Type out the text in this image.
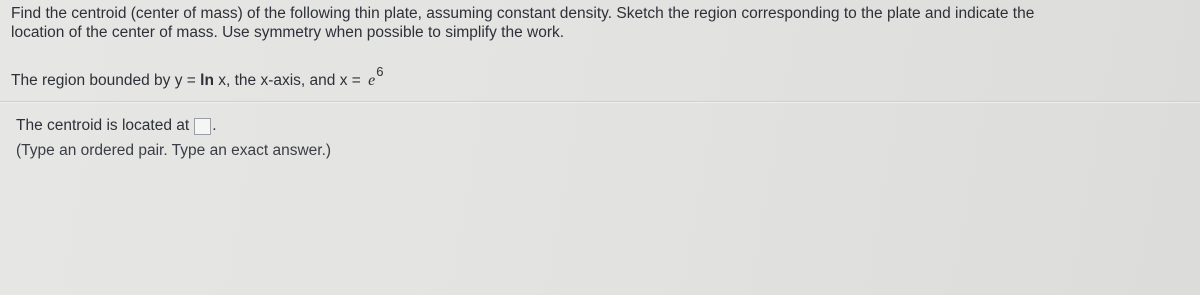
Find the centroid (center of mass) of the following thin plate, assuming constant density. Sketch the region corresponding to the plate and indicate the
location of the center of mass. Use symmetry when possible to simplify the work.
The region bounded by y = ln x, the x-axis, and $x = e^6$
The centroid is located at .
(Type an ordered pair. Type an exact answer.)
